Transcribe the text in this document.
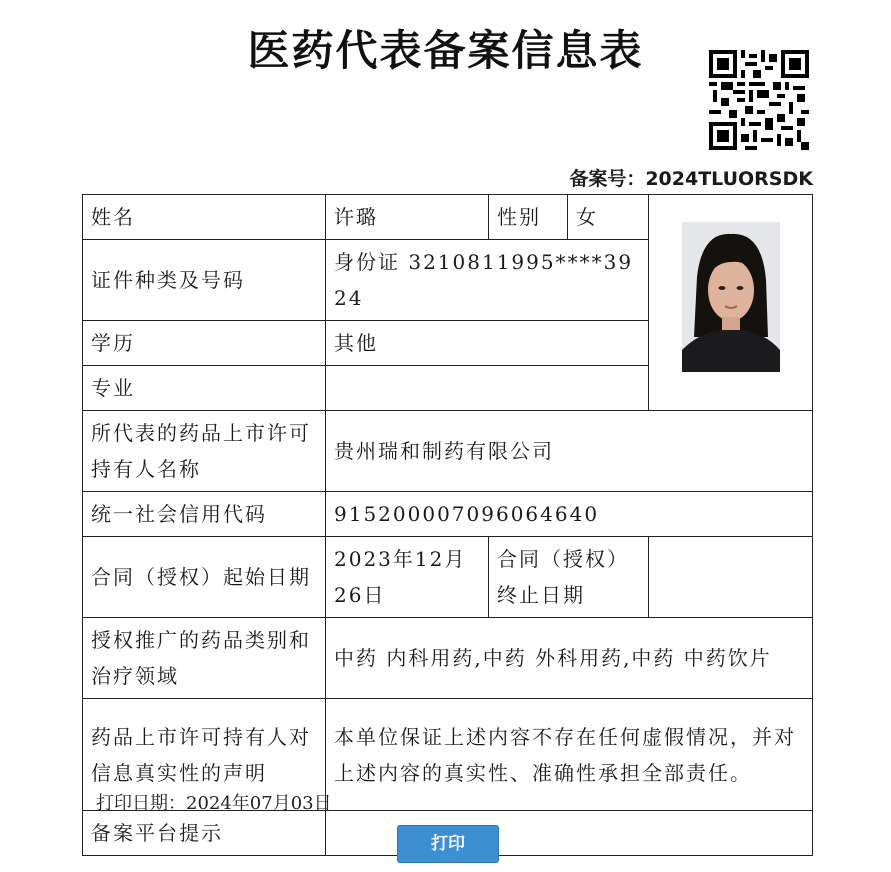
医药代表备案信息表
备案号：2024TLUORSDK
姓名	许璐	性别	女	
证件种类及号码	身份证 3210811995****3924			
学历	其他			
专业				
所代表的药品上市许可持有人名称	贵州瑞和制药有限公司			
统一社会信用代码	915200007096064640			
合同（授权）起始日期	2023年12月26日	合同（授权）终止日期		
授权推广的药品类别和治疗领域	中药 内科用药,中药 外科用药,中药 中药饮片			
药品上市许可持有人对信息真实性的声明	本单位保证上述内容不存在任何虚假情况，并对上述内容的真实性、准确性承担全部责任。			
备案平台提示				
打印日期：2024年07月03日
打印
